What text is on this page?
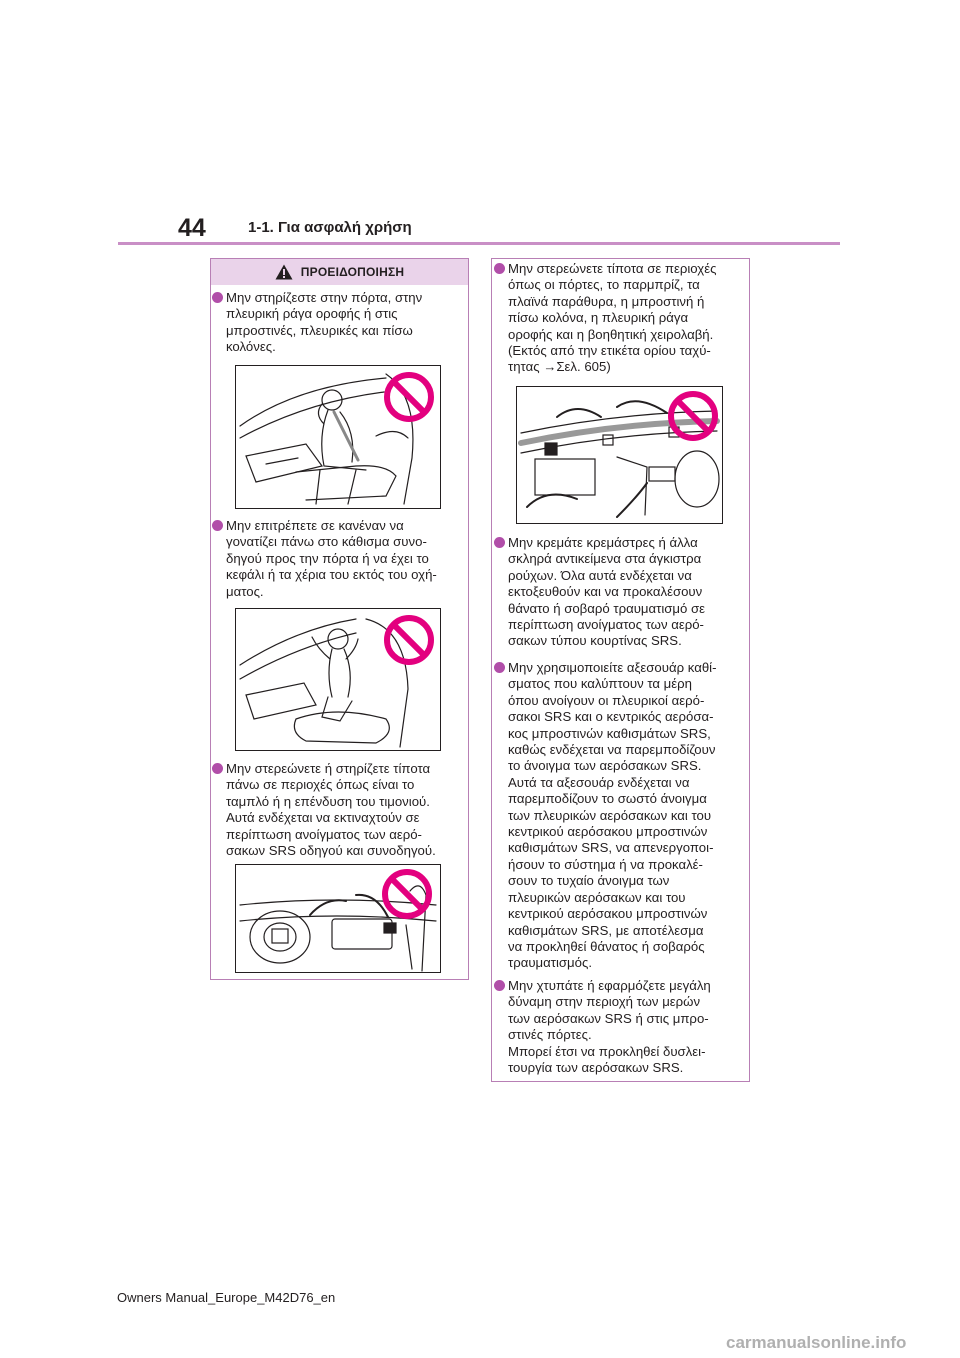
44	1-1. Για ασφαλή χρήση
ΠΡΟΕΙΔΟΠΟΙΗΣΗ
Μην στηρίζεστε στην πόρτα, στην
πλευρική ράγα οροφής ή στις
μπροστινές, πλευρικές και πίσω
κολόνες.
Μην επιτρέπετε σε κανέναν να
γονατίζει πάνω στο κάθισμα συνο-
δηγού προς την πόρτα ή να έχει το
κεφάλι ή τα χέρια του εκτός του οχή-
ματος.
Μην στερεώνετε ή στηρίζετε τίποτα
πάνω σε περιοχές όπως είναι το
ταμπλό ή η επένδυση του τιμονιού.
Αυτά ενδέχεται να εκτιναχτούν σε
περίπτωση ανοίγματος των αερό-
σακων SRS οδηγού και συνοδηγού.
Μην στερεώνετε τίποτα σε περιοχές
όπως οι πόρτες, το παρμπρίζ, τα
πλαϊνά παράθυρα, η μπροστινή ή
πίσω κολόνα, η πλευρική ράγα
οροφής και η βοηθητική χειρολαβή.
(Εκτός από την ετικέτα ορίου ταχύ-
τητας →Σελ. 605)
Μην κρεμάτε κρεμάστρες ή άλλα
σκληρά αντικείμενα στα άγκιστρα
ρούχων. Όλα αυτά ενδέχεται να
εκτοξευθούν και να προκαλέσουν
θάνατο ή σοβαρό τραυματισμό σε
περίπτωση ανοίγματος των αερό-
σακων τύπου κουρτίνας SRS.
Μην χρησιμοποιείτε αξεσουάρ καθί-
σματος που καλύπτουν τα μέρη
όπου ανοίγουν οι πλευρικοί αερό-
σακοι SRS και ο κεντρικός αερόσα-
κος μπροστινών καθισμάτων SRS,
καθώς ενδέχεται να παρεμποδίζουν
το άνοιγμα των αερόσακων SRS.
Αυτά τα αξεσουάρ ενδέχεται να
παρεμποδίζουν το σωστό άνοιγμα
των πλευρικών αερόσακων και του
κεντρικού αερόσακου μπροστινών
καθισμάτων SRS, να απενεργοποι-
ήσουν το σύστημα ή να προκαλέ-
σουν το τυχαίο άνοιγμα των
πλευρικών αερόσακων και του
κεντρικού αερόσακου μπροστινών
καθισμάτων SRS, με αποτέλεσμα
να προκληθεί θάνατος ή σοβαρός
τραυματισμός.
Μην χτυπάτε ή εφαρμόζετε μεγάλη
δύναμη στην περιοχή των μερών
των αερόσακων SRS ή στις μπρο-
στινές πόρτες.
Μπορεί έτσι να προκληθεί δυσλει-
τουργία των αερόσακων SRS.
Owners Manual_Europe_M42D76_en
carmanualsonline.info
